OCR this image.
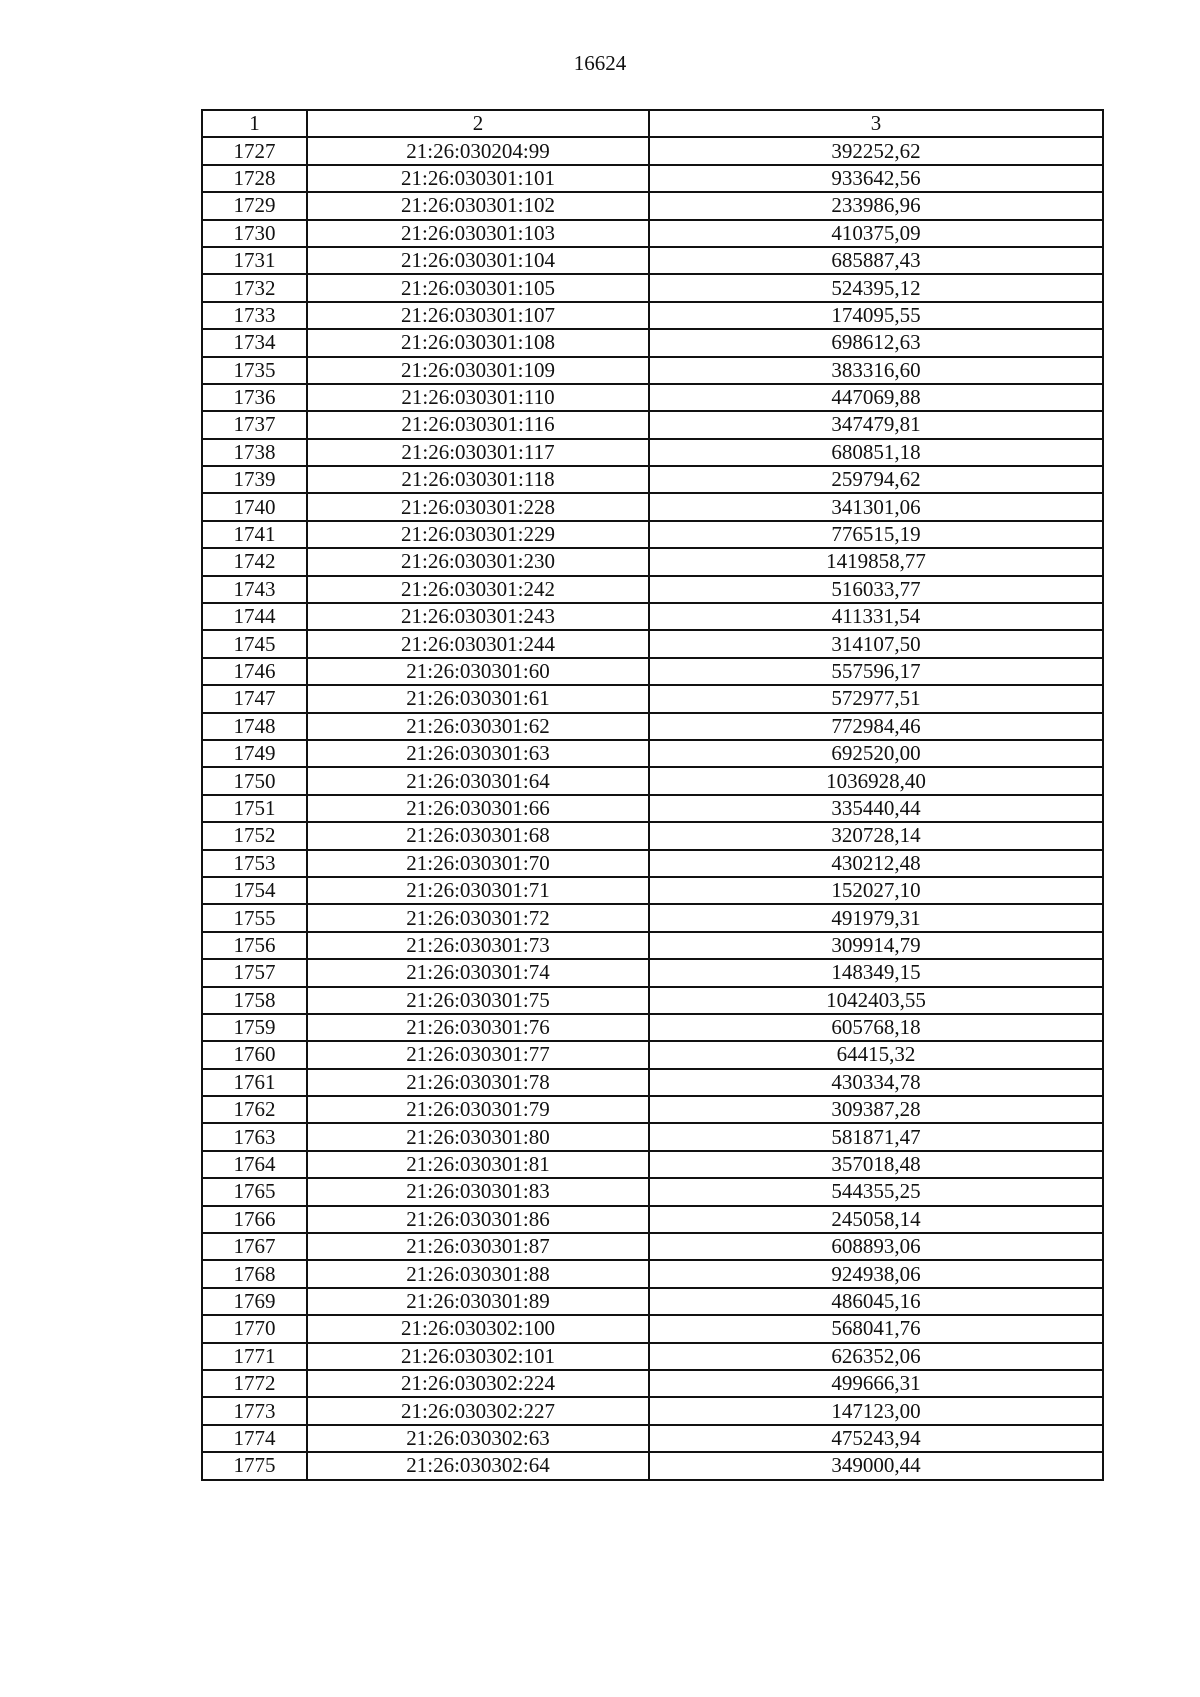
16624
1	2	3
1727	21:26:030204:99	392252,62
1728	21:26:030301:101	933642,56
1729	21:26:030301:102	233986,96
1730	21:26:030301:103	410375,09
1731	21:26:030301:104	685887,43
1732	21:26:030301:105	524395,12
1733	21:26:030301:107	174095,55
1734	21:26:030301:108	698612,63
1735	21:26:030301:109	383316,60
1736	21:26:030301:110	447069,88
1737	21:26:030301:116	347479,81
1738	21:26:030301:117	680851,18
1739	21:26:030301:118	259794,62
1740	21:26:030301:228	341301,06
1741	21:26:030301:229	776515,19
1742	21:26:030301:230	1419858,77
1743	21:26:030301:242	516033,77
1744	21:26:030301:243	411331,54
1745	21:26:030301:244	314107,50
1746	21:26:030301:60	557596,17
1747	21:26:030301:61	572977,51
1748	21:26:030301:62	772984,46
1749	21:26:030301:63	692520,00
1750	21:26:030301:64	1036928,40
1751	21:26:030301:66	335440,44
1752	21:26:030301:68	320728,14
1753	21:26:030301:70	430212,48
1754	21:26:030301:71	152027,10
1755	21:26:030301:72	491979,31
1756	21:26:030301:73	309914,79
1757	21:26:030301:74	148349,15
1758	21:26:030301:75	1042403,55
1759	21:26:030301:76	605768,18
1760	21:26:030301:77	64415,32
1761	21:26:030301:78	430334,78
1762	21:26:030301:79	309387,28
1763	21:26:030301:80	581871,47
1764	21:26:030301:81	357018,48
1765	21:26:030301:83	544355,25
1766	21:26:030301:86	245058,14
1767	21:26:030301:87	608893,06
1768	21:26:030301:88	924938,06
1769	21:26:030301:89	486045,16
1770	21:26:030302:100	568041,76
1771	21:26:030302:101	626352,06
1772	21:26:030302:224	499666,31
1773	21:26:030302:227	147123,00
1774	21:26:030302:63	475243,94
1775	21:26:030302:64	349000,44
